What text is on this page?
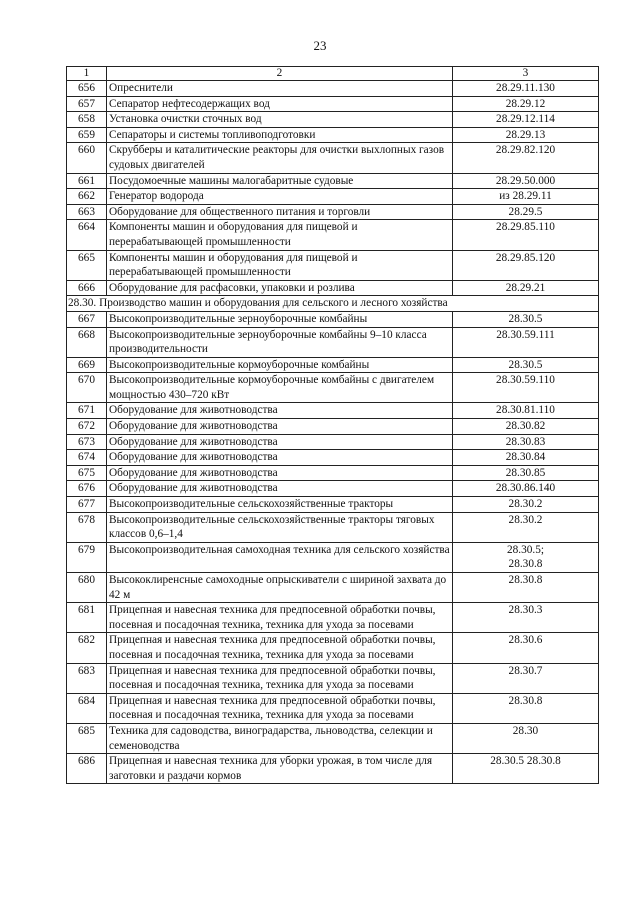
23
1	2	3
656	Опреснители	28.29.11.130

657	Сепаратор нефтесодержащих вод	28.29.12

658	Установка очистки сточных вод	28.29.12.114

659	Сепараторы и системы топливоподготовки	28.29.13

660	Скрубберы и каталитические реакторы для очистки выхлопных газов судовых двигателей	28.29.82.120

661	Посудомоечные машины малогабаритные судовые	28.29.50.000

662	Генератор водорода	из 28.29.11

663	Оборудование для общественного питания и торговли	28.29.5

664	Компоненты машин и оборудования для пищевой и перерабатывающей промышленности	28.29.85.110

665	Компоненты машин и оборудования для пищевой и перерабатывающей промышленности	28.29.85.120

666	Оборудование для расфасовки, упаковки и розлива	28.29.21

28.30. Производство машин и оборудования для сельского и лесного хозяйства		
667	Высокопроизводительные зерноуборочные комбайны	28.30.5

668	Высокопроизводительные зерноуборочные комбайны 9–10 класса производительности	28.30.59.111

669	Высокопроизводительные кормоуборочные комбайны	28.30.5

670	Высокопроизводительные кормоуборочные комбайны с двигателем мощностью 430–720 кВт	28.30.59.110

671	Оборудование для животноводства	28.30.81.110

672	Оборудование для животноводства	28.30.82

673	Оборудование для животноводства	28.30.83

674	Оборудование для животноводства	28.30.84

675	Оборудование для животноводства	28.30.85

676	Оборудование для животноводства	28.30.86.140

677	Высокопроизводительные сельскохозяйственные тракторы	28.30.2

678	Высокопроизводительные сельскохозяйственные тракторы тяговых классов 0,6–1,4	28.30.2

679	Высокопроизводительная самоходная техника для сельского хозяйства	28.30.5;
28.30.8

680	Высококлиренсные самоходные опрыскиватели с шириной захвата до 42 м	28.30.8

681	Прицепная и навесная техника для предпосевной обработки почвы, посевная и посадочная техника, техника для ухода за посевами	28.30.3

682	Прицепная и навесная техника для предпосевной обработки почвы, посевная и посадочная техника, техника для ухода за посевами	28.30.6

683	Прицепная и навесная техника для предпосевной обработки почвы, посевная и посадочная техника, техника для ухода за посевами	28.30.7

684	Прицепная и навесная техника для предпосевной обработки почвы, посевная и посадочная техника, техника для ухода за посевами	28.30.8

685	Техника для садоводства, виноградарства, льноводства, селекции и семеноводства	28.30

686	Прицепная и навесная техника для уборки урожая, в том числе для заготовки и раздачи кормов	28.30.5 28.30.8
